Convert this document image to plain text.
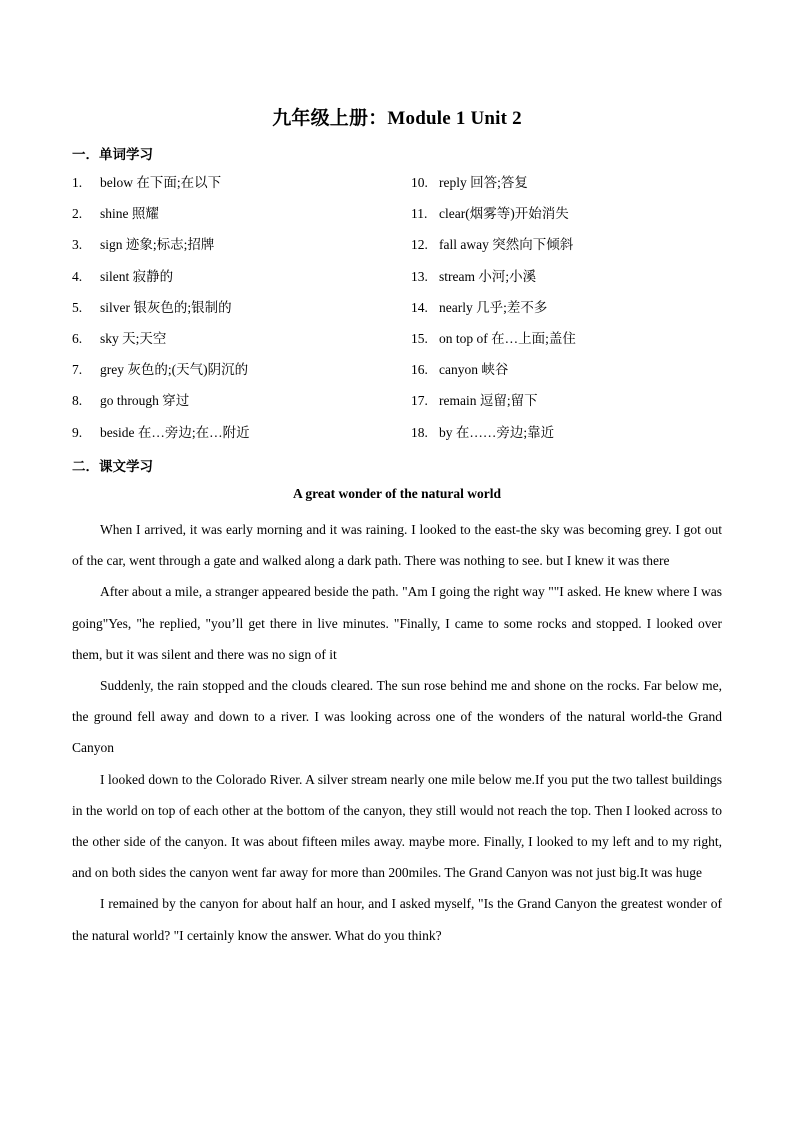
九年级上册：Module 1 Unit 2
一．单词学习
1. below 在下面;在以下
2. shine 照耀
3. sign 迹象;标志;招牌
4. silent 寂静的
5. silver 银灰色的;银制的
6. sky 天;天空
7. grey 灰色的;(天气)阴沉的
8. go through 穿过
9. beside 在…旁边;在…附近
10. reply 回答;答复
11. clear(烟雾等)开始消失
12. fall away 突然向下倾斜
13. stream 小河;小溪
14. nearly 几乎;差不多
15. on top of 在…上面;盖住
16. canyon 峡谷
17. remain 逗留;留下
18. by 在……旁边;靠近
二．课文学习
A great wonder of the natural world

When I arrived, it was early morning and it was raining. I looked to the east-the sky was becoming grey. I got out of the car, went through a gate and walked along a dark path. There was nothing to see. but I knew it was there

After about a mile, a stranger appeared beside the path. "Am I going the right way ""I asked. He knew where I was going"Yes, "he replied, "you’ll get there in live minutes. "Finally, I came to some rocks and stopped. I looked over them, but it was silent and there was no sign of it

Suddenly, the rain stopped and the clouds cleared. The sun rose behind me and shone on the rocks. Far below me, the ground fell away and down to a river. I was looking across one of the wonders of the natural world-the Grand Canyon

I looked down to the Colorado River. A silver stream nearly one mile below me.If you put the two tallest buildings in the world on top of each other at the bottom of the canyon, they still would not reach the top. Then I looked across to the other side of the canyon. It was about fifteen miles away. maybe more. Finally, I looked to my left and to my right, and on both sides the canyon went far away for more than 200miles. The Grand Canyon was not just big.It was huge

I remained by the canyon for about half an hour, and I asked myself, "Is the Grand Canyon the greatest wonder of the natural world? "I certainly know the answer. What do you think?
